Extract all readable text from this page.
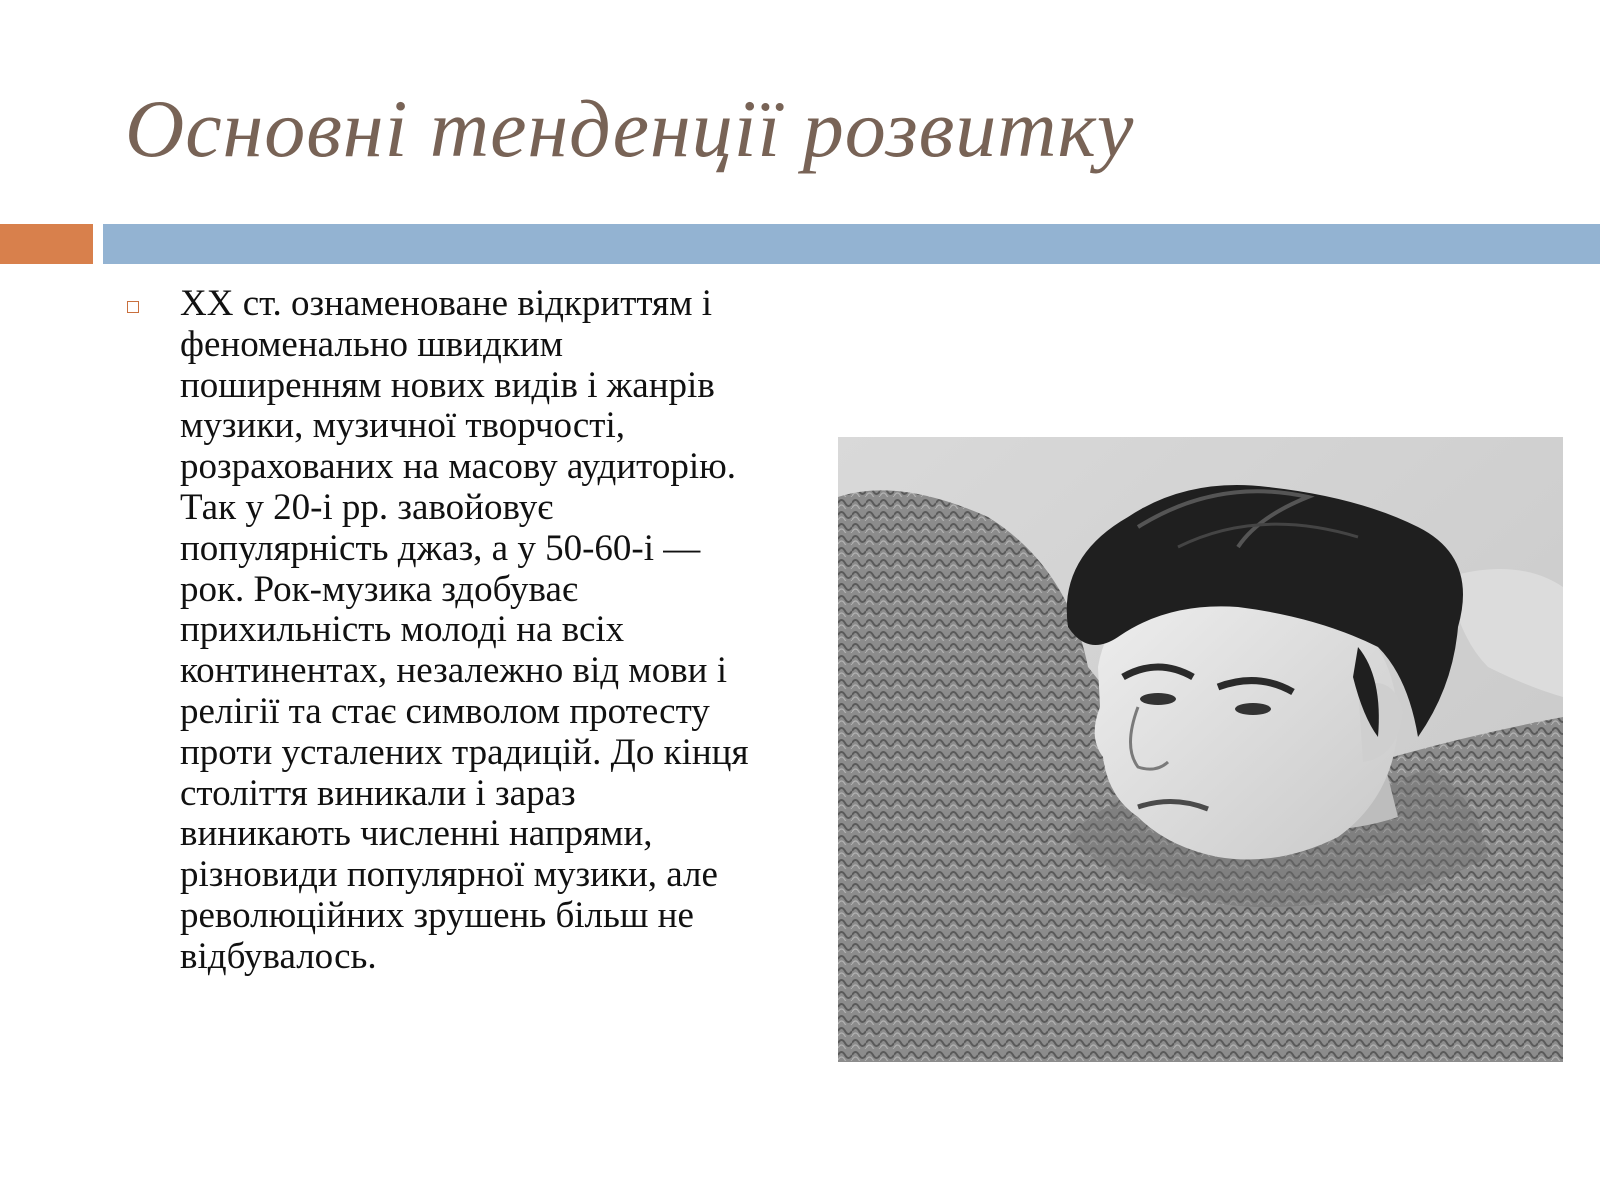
Основні тенденції розвитку
ХХ ст. ознаменоване відкриттям і
феноменально швидким
поширенням нових видів і жанрів
музики, музичної творчості,
розрахованих на масову аудиторію.
Так у 20-і рр. завойовує
популярність джаз, а у 50-60-і —
рок. Рок-музика здобуває
прихильність молоді на всіх
континентах, незалежно від мови і
релігії та стає символом протесту
проти усталених традицій. До кінця
століття виникали і зараз
виникають численні напрями,
різновиди популярної музики, але
революційних зрушень більш не
відбувалось.
